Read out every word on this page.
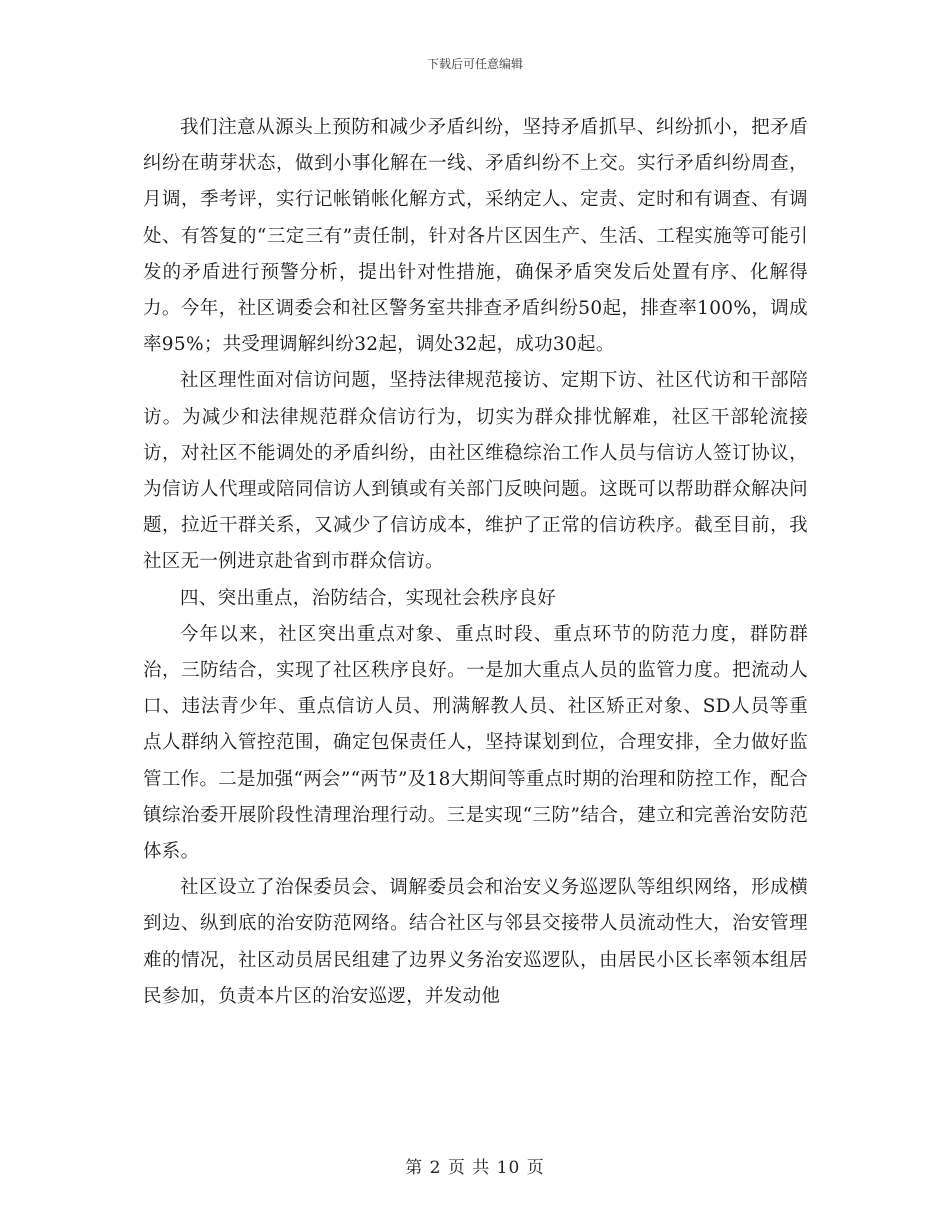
下载后可任意编辑

我们注意从源头上预防和减少矛盾纠纷，坚持矛盾抓早、纠纷抓小，把矛盾纠纷在萌芽状态，做到小事化解在一线、矛盾纠纷不上交。实行矛盾纠纷周查，月调，季考评，实行记帐销帐化解方式，采纳定人、定责、定时和有调查、有调处、有答复的“三定三有”责任制，针对各片区因生产、生活、工程实施等可能引发的矛盾进行预警分析，提出针对性措施，确保矛盾突发后处置有序、化解得力。今年，社区调委会和社区警务室共排查矛盾纠纷50起，排查率100%，调成率95%；共受理调解纠纷32起，调处32起，成功30起。

社区理性面对信访问题，坚持法律规范接访、定期下访、社区代访和干部陪访。为减少和法律规范群众信访行为，切实为群众排忧解难，社区干部轮流接访，对社区不能调处的矛盾纠纷，由社区维稳综治工作人员与信访人签订协议，为信访人代理或陪同信访人到镇或有关部门反映问题。这既可以帮助群众解决问题，拉近干群关系，又减少了信访成本，维护了正常的信访秩序。截至目前，我社区无一例进京赴省到市群众信访。

四、突出重点，治防结合，实现社会秩序良好

今年以来，社区突出重点对象、重点时段、重点环节的防范力度，群防群治，三防结合，实现了社区秩序良好。一是加大重点人员的监管力度。把流动人口、违法青少年、重点信访人员、刑满解教人员、社区矫正对象、SD人员等重点人群纳入管控范围，确定包保责任人，坚持谋划到位，合理安排，全力做好监管工作。二是加强“两会”“两节”及18大期间等重点时期的治理和防控工作，配合镇综治委开展阶段性清理治理行动。三是实现“三防”结合，建立和完善治安防范体系。

社区设立了治保委员会、调解委员会和治安义务巡逻队等组织网络，形成横到边、纵到底的治安防范网络。结合社区与邻县交接带人员流动性大，治安管理难的情况，社区动员居民组建了边界义务治安巡逻队，由居民小区长率领本组居民参加，负责本片区的治安巡逻，并发动他

第 2 页 共 10 页
